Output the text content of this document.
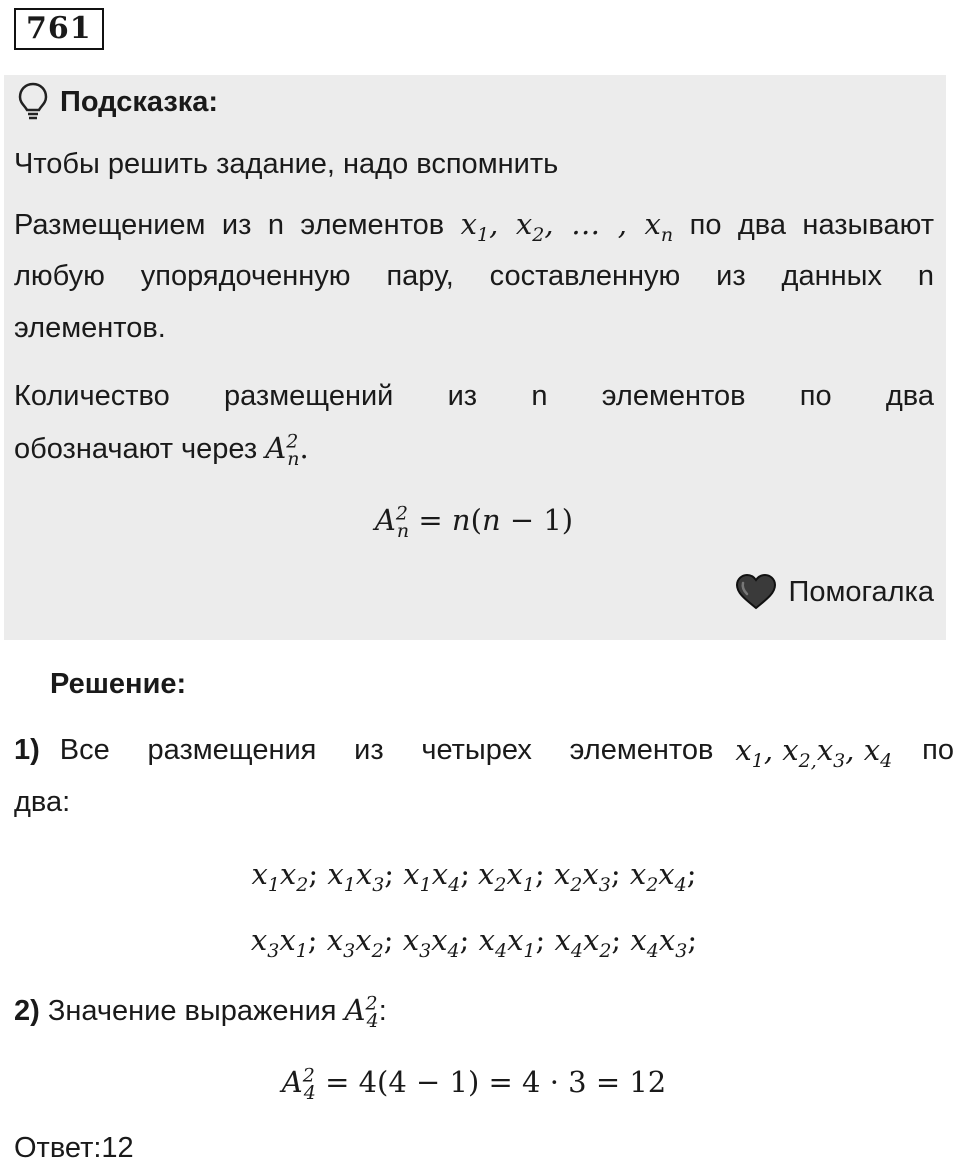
761
Подсказка:
Чтобы решить задание, надо вспомнить
Размещением из n элементов $x_1$, $x_2$, … , $x_n$ по два называют
любую упорядоченную пару, составленную из данных n
элементов.
Количество размещений из n элементов по два
обозначают через $A^2_n$.
$A^2_n = n(n - 1)$
Помогалка
Решение:
1) Все размещения из четырех элементов $x_1$, $x_{2,}x_3$, $x_4$ по
два:
$x_1x_2$; $x_1x_3$; $x_1x_4$; $x_2x_1$; $x_2x_3$; $x_2x_4$;
$x_3x_1$; $x_3x_2$; $x_3x_4$; $x_4x_1$; $x_4x_2$; $x_4x_3$;
2) Значение выражения $A^2_4$:
$A^2_4 = 4(4 - 1) = 4 \cdot 3 = 12$
Ответ:12
